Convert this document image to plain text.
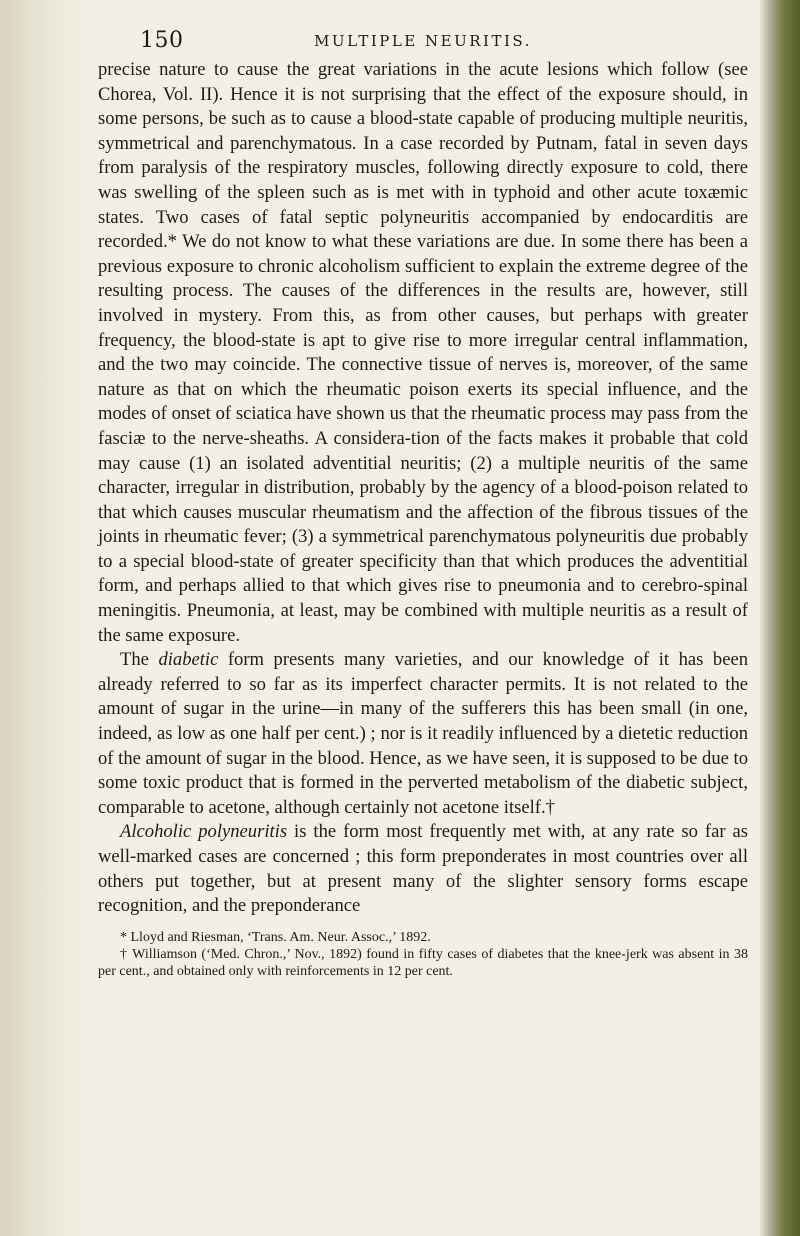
150	MULTIPLE NEURITIS.

precise nature to cause the great variations in the acute lesions which follow (see Chorea, Vol. II). Hence it is not surprising that the effect of the exposure should, in some persons, be such as to cause a blood-state capable of producing multiple neuritis, symmetrical and parenchymatous. In a case recorded by Putnam, fatal in seven days from paralysis of the respiratory muscles, following directly exposure to cold, there was swelling of the spleen such as is met with in typhoid and other acute toxæmic states. Two cases of fatal septic polyneuritis accompanied by endocarditis are recorded.* We do not know to what these variations are due. In some there has been a previous exposure to chronic alcoholism sufficient to explain the extreme degree of the resulting process. The causes of the differences in the results are, however, still involved in mystery. From this, as from other causes, but perhaps with greater frequency, the blood-state is apt to give rise to more irregular central inflammation, and the two may coincide. The connective tissue of nerves is, moreover, of the same nature as that on which the rheumatic poison exerts its special influence, and the modes of onset of sciatica have shown us that the rheumatic process may pass from the fasciæ to the nerve-sheaths. A considera-tion of the facts makes it probable that cold may cause (1) an isolated adventitial neuritis; (2) a multiple neuritis of the same character, irregular in distribution, probably by the agency of a blood-poison related to that which causes muscular rheumatism and the affection of the fibrous tissues of the joints in rheumatic fever; (3) a symmetrical parenchymatous polyneuritis due probably to a special blood-state of greater specificity than that which produces the adventitial form, and perhaps allied to that which gives rise to pneumonia and to cerebro-spinal meningitis. Pneumonia, at least, may be combined with multiple neuritis as a result of the same exposure.

The diabetic form presents many varieties, and our knowledge of it has been already referred to so far as its imperfect character permits. It is not related to the amount of sugar in the urine—in many of the sufferers this has been small (in one, indeed, as low as one half per cent.) ; nor is it readily influenced by a dietetic reduction of the amount of sugar in the blood. Hence, as we have seen, it is supposed to be due to some toxic product that is formed in the perverted metabolism of the diabetic subject, comparable to acetone, although certainly not acetone itself.†

Alcoholic polyneuritis is the form most frequently met with, at any rate so far as well-marked cases are concerned ; this form preponderates in most countries over all others put together, but at present many of the slighter sensory forms escape recognition, and the preponderance

* Lloyd and Riesman, ‘Trans. Am. Neur. Assoc.,’ 1892.

† Williamson (‘Med. Chron.,’ Nov., 1892) found in fifty cases of diabetes that the knee-jerk was absent in 38 per cent., and obtained only with reinforcements in 12 per cent.
